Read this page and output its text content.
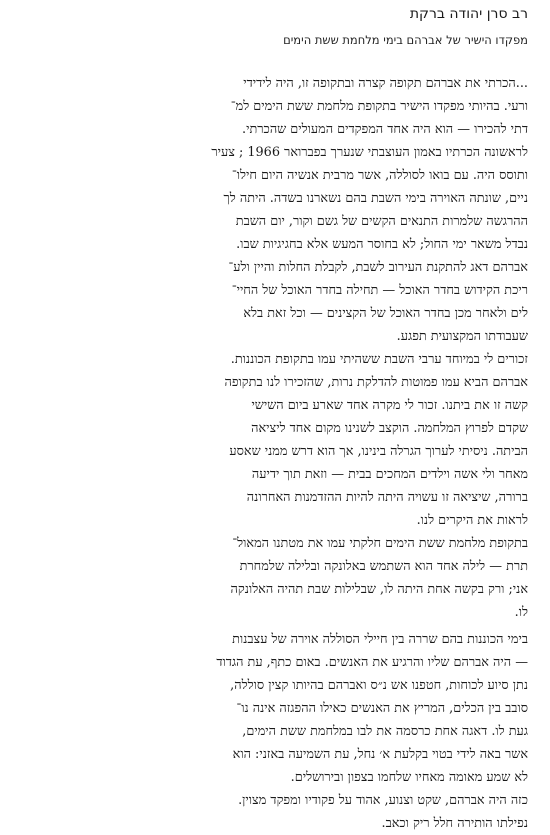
רב סרן יהודה ברקת
מפקדו הישיר של אברהם בימי מלחמת ששת הימים
...הכרתי את אברהם תקופה קצרה ובתקופה זו, היה לידידי
ורעי. בהיותי מפקדו הישיר בתקופת מלחמת ששת הימים למ־
דתי להכירו — הוא היה אחד המפקדים המעולים שהכרתי.
לראשונה הכרתיו באמון העוצבתי שנערך בפברואר 1966 ; צעיר
ותוסס היה. עם בואו לסוללה, אשר מרבית אנשיה היום חילו־
ניים, שונתה האוירה בימי השבת בהם נשארנו בשדה. היתה לך
ההרגשה שלמרות התנאים הקשים של גשם וקור, יום השבת
נבדל משאר ימי החול; לא בחוסר המעש אלא בחגיגיות שבו.
אברהם דאג להתקנת העירוב לשבת, לקבלת החלות והיין ולע־
ריכת הקידוש בחדר האוכל — תחילה בחדר האוכל של החיי־
לים ולאחר מכן בחדר האוכל של הקצינים — וכל זאת בלא
שעבודתו המקצועית תפגע.
זכורים לי במיוחד ערבי השבת ששהיתי עמו בתקופת הכוננות.
אברהם הביא עמו פמוטות להדלקת נרות, שהזכירו לנו בתקופה
קשה זו את ביתנו. זכור לי מקרה אחד שארע ביום השישי
שקדם לפרוץ המלחמה. הוקצב לשנינו מקום אחד ליציאה
הביתה. ניסיתי לערוך הגרלה בינינו, אך הוא דרש ממני שאסע
מאחר ולי אשה וילדים המחכים בבית — וזאת תוך ידיעה
ברורה, שיציאה זו עשויה היתה להיות ההזדמנות האחרונה
לראות את היקרים לנו.
בתקופת מלחמת ששת הימים חלקתי עמו את מטתנו המאול־
תרת — לילה אחד הוא השתמש באלונקה ובלילה שלמחרת
אני; ורק בקשה אחת היתה לו, שבלילות שבת תהיה האלונקה
לו.
בימי הכוננות בהם שררה בין חיילי הסוללה אוירה של עצבנות
— היה אברהם שליו והרגיע את האנשים. באום כתף, עת הגדוד
נתן סיוע לכוחות, חטפנו אש נ״ס ואברהם בהיותו קצין סוללה,
סובב בין הכלים, המריץ את האנשים כאילו ההפגזה אינה נו־
געת לו. דאגה אחת כרסמה את לבו במלחמת ששת הימים,
אשר באה לידי בטוי בקלעת א׳ נחל, עת השמיעה באזני: הוא
לא שמע מאומה מאחיו שלחמו בצפון ובירושלים.
כזה היה אברהם, שקט וצנוע, אהוד על פקודיו ומפקד מצוין.
נפילתו הותירה חלל ריק וכאב.
